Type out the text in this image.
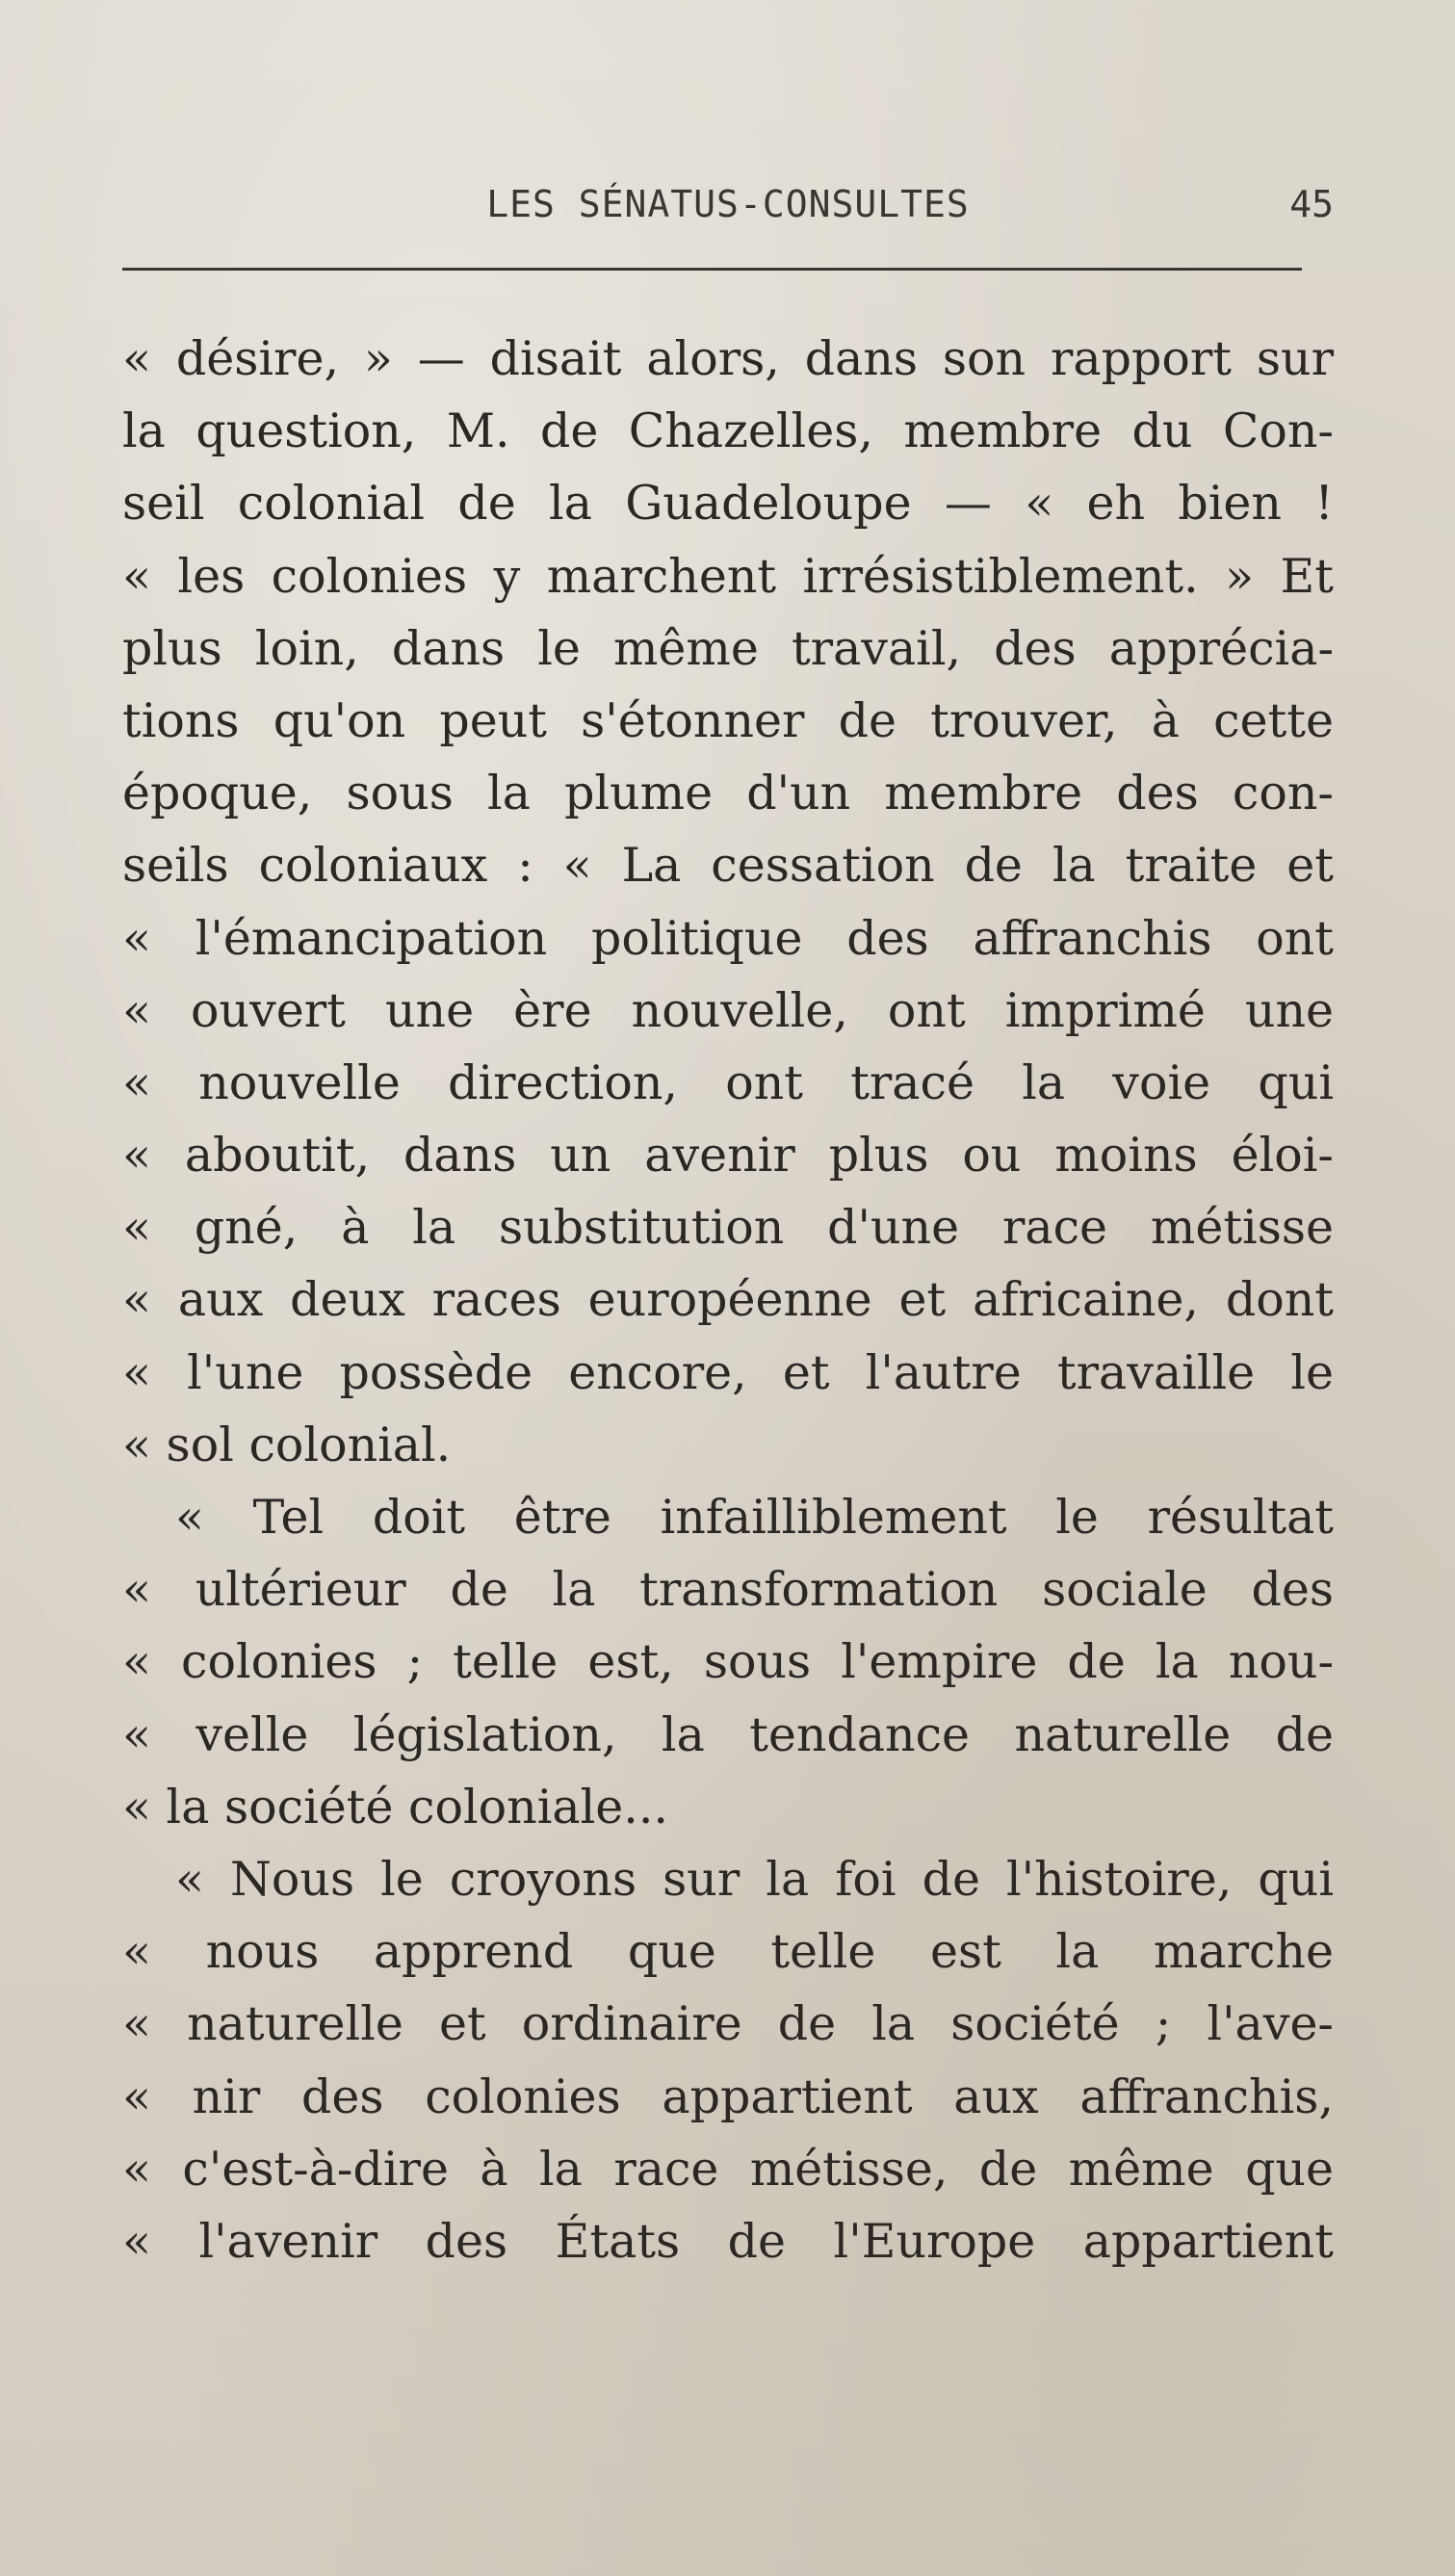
LES SÉNATUS-CONSULTES	45
« désire, » — disait alors, dans son rapport sur
la question, M. de Chazelles, membre du Con-
seil colonial de la Guadeloupe — « eh bien !
« les colonies y marchent irrésistiblement. » Et
plus loin, dans le même travail, des apprécia-
tions qu'on peut s'étonner de trouver, à cette
époque, sous la plume d'un membre des con-
seils coloniaux : « La cessation de la traite et
« l'émancipation politique des affranchis ont
« ouvert une ère nouvelle, ont imprimé une
« nouvelle direction, ont tracé la voie qui
« aboutit, dans un avenir plus ou moins éloi-
« gné, à la substitution d'une race métisse
« aux deux races européenne et africaine, dont
« l'une possède encore, et l'autre travaille le
« sol colonial.
« Tel doit être infailliblement le résultat
« ultérieur de la transformation sociale des
« colonies ; telle est, sous l'empire de la nou-
« velle législation, la tendance naturelle de
« la société coloniale...
« Nous le croyons sur la foi de l'histoire, qui
« nous apprend que telle est la marche
« naturelle et ordinaire de la société ; l'ave-
« nir des colonies appartient aux affranchis,
« c'est-à-dire à la race métisse, de même que
« l'avenir des États de l'Europe appartient
